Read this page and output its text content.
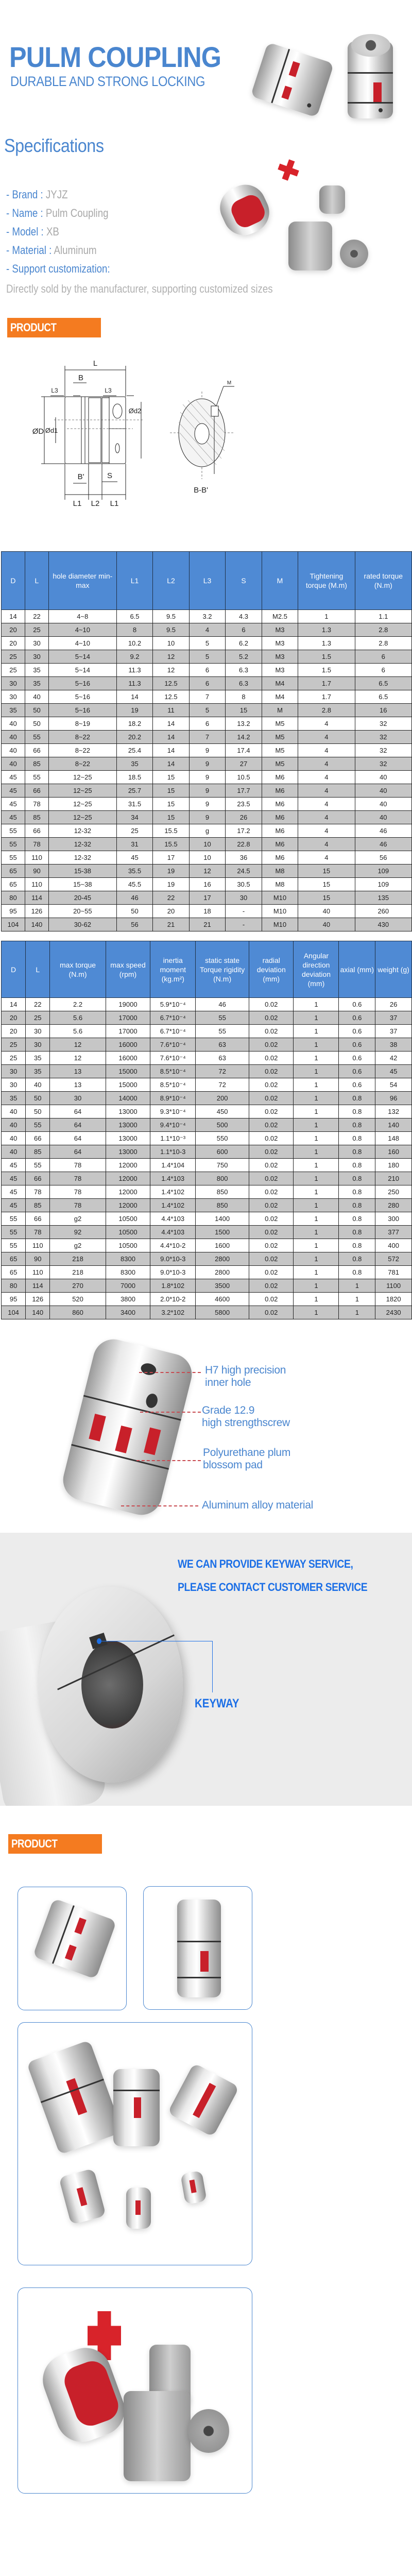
PULM COUPLING
DURABLE AND STRONG LOCKING
Specifications
- Brand : JYJZ
- Name : Pulm Coupling
- Model : XB
- Material : Aluminum
- Support customization:
Directly sold by the manufacturer, supporting customized sizes
PRODUCT PARAMETER
L
B
L3	L3
ØD Ød1
Ød2
B'	S
L1 L2 L1
M
B-B'
D	L	hole diameter min-max	L1	L2	L3	S	M	Tightening torque (M.m)	rated torque (N.m)
14	22	4~8	6.5	9.5	3.2	4.3	M2.5	1	1.1
20	25	4~10	8	9.5	4	6	M3	1.3	2.8
20	30	4~10	10.2	10	5	6.2	M3	1.3	2.8
25	30	5~14	9.2	12	5	5.2	M3	1.5	6
25	35	5~14	11.3	12	6	6.3	M3	1.5	6
30	35	5~16	11.3	12.5	6	6.3	M4	1.7	6.5
30	40	5~16	14	12.5	7	8	M4	1.7	6.5
35	50	5~16	19	11	5	15	M	2.8	16
40	50	8~19	18.2	14	6	13.2	M5	4	32
40	55	8~22	20.2	14	7	14.2	M5	4	32
40	66	8~22	25.4	14	9	17.4	M5	4	32
40	85	8~22	35	14	9	27	M5	4	32
45	55	12~25	18.5	15	9	10.5	M6	4	40
45	66	12~25	25.7	15	9	17.7	M6	4	40
45	78	12~25	31.5	15	9	23.5	M6	4	40
45	85	12~25	34	15	9	26	M6	4	40
55	66	12-32	25	15.5	g	17.2	M6	4	46
55	78	12-32	31	15.5	10	22.8	M6	4	46
55	110	12-32	45	17	10	36	M6	4	56
65	90	15-38	35.5	19	12	24.5	M8	15	109
65	110	15~38	45.5	19	16	30.5	M8	15	109
80	114	20-45	46	22	17	30	M10	15	135
95	126	20~55	50	20	18	-	M10	40	260
104	140	30-62	56	21	21	-	M10	40	430
D	L	max torque (N.m)	max speed (rpm)	inertia moment (kg.m²)	static state Torque rigidity (N.m)	radial deviation (mm)	Angular direction deviation (mm)	axial (mm)	weight (g)
14	22	2.2	19000	5.9*10⁻⁴	46	0.02	1	0.6	26
20	25	5.6	17000	6.7*10⁻⁴	55	0.02	1	0.6	37
20	30	5.6	17000	6.7*10⁻⁴	55	0.02	1	0.6	37
25	30	12	16000	7.6*10⁻⁴	63	0.02	1	0.6	38
25	35	12	16000	7.6*10⁻⁴	63	0.02	1	0.6	42
30	35	13	15000	8.5*10⁻⁴	72	0.02	1	0.6	45
30	40	13	15000	8.5*10⁻⁴	72	0.02	1	0.6	54
35	50	30	14000	8.9*10⁻⁴	200	0.02	1	0.8	96
40	50	64	13000	9.3*10⁻⁴	450	0.02	1	0.8	132
40	55	64	13000	9.4*10⁻⁴	500	0.02	1	0.8	140
40	66	64	13000	1.1*10⁻³	550	0.02	1	0.8	148
40	85	64	13000	1.1*10-3	600	0.02	1	0.8	160
45	55	78	12000	1.4*104	750	0.02	1	0.8	180
45	66	78	12000	1.4*103	800	0.02	1	0.8	210
45	78	78	12000	1.4*102	850	0.02	1	0.8	250
45	85	78	12000	1.4*102	850	0.02	1	0.8	280
55	66	g2	10500	4.4*103	1400	0.02	1	0.8	300
55	78	92	10500	4.4*103	1500	0.02	1	0.8	377
55	110	g2	10500	4.4*10-2	1600	0.02	1	0.8	400
65	90	218	8300	9.0*10-3	2800	0.02	1	0.8	572
65	110	218	8300	9.0*10-3	2800	0.02	1	0.8	781
80	114	270	7000	1.8*102	3500	0.02	1	1	1100
95	126	520	3800	2.0*10-2	4600	0.02	1	1	1820
104	140	860	3400	3.2*102	5800	0.02	1	1	2430
H7 high precision
inner hole
Grade 12.9
high strengthscrew
Polyurethane plum
blossom pad
Aluminum alloy material
WE CAN PROVIDE KEYWAY SERVICE,
PLEASE CONTACT CUSTOMER SERVICE
KEYWAY
PRODUCT PHOTOGRAPH
